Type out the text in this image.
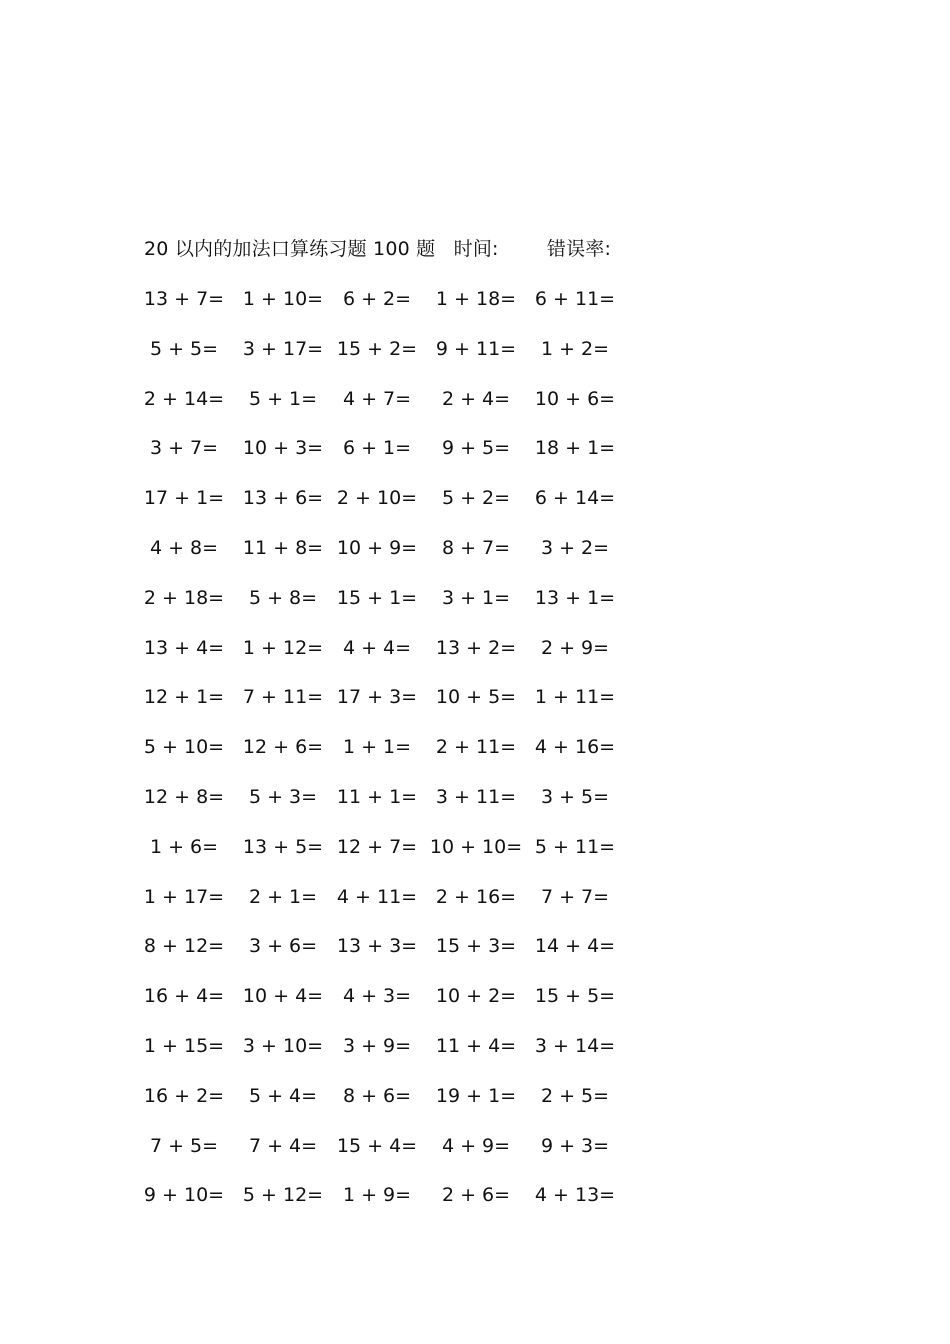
20 以内的加法口算练习题 100 题 时间:	错误率:
13 + 7= 1 + 10=	6 + 2=	1 + 18= 6 + 11=
5 + 5=	3 + 17= 15 + 2= 9 + 11=	1 + 2=
2 + 14=	5 + 1=	4 + 7=	2 + 4=	10 + 6=
3 + 7=	10 + 3=	6 + 1=	9 + 5=	18 + 1=
17 + 1= 13 + 6= 2 + 10=	5 + 2=	6 + 14=
4 + 8=	11 + 8= 10 + 9=	8 + 7=	3 + 2=
2 + 18=	5 + 8=	15 + 1=	3 + 1=	13 + 1=
13 + 4= 1 + 12=	4 + 4=	13 + 2=	2 + 9=
12 + 1= 7 + 11= 17 + 3= 10 + 5= 1 + 11=
5 + 10= 12 + 6=	1 + 1=	2 + 11= 4 + 16=
12 + 8=	5 + 3=	11 + 1= 3 + 11=	3 + 5=
1 + 6=	13 + 5= 12 + 7= 10 + 10= 5 + 11=
1 + 17=	2 + 1=	4 + 11= 2 + 16=	7 + 7=
8 + 12=	3 + 6=	13 + 3= 15 + 3= 14 + 4=
16 + 4= 10 + 4=	4 + 3=	10 + 2= 15 + 5=
1 + 15= 3 + 10=	3 + 9=	11 + 4= 3 + 14=
16 + 2=	5 + 4=	8 + 6=	19 + 1=	2 + 5=
7 + 5=	7 + 4=	15 + 4=	4 + 9=	9 + 3=
9 + 10= 5 + 12=	1 + 9=	2 + 6=	4 + 13=
